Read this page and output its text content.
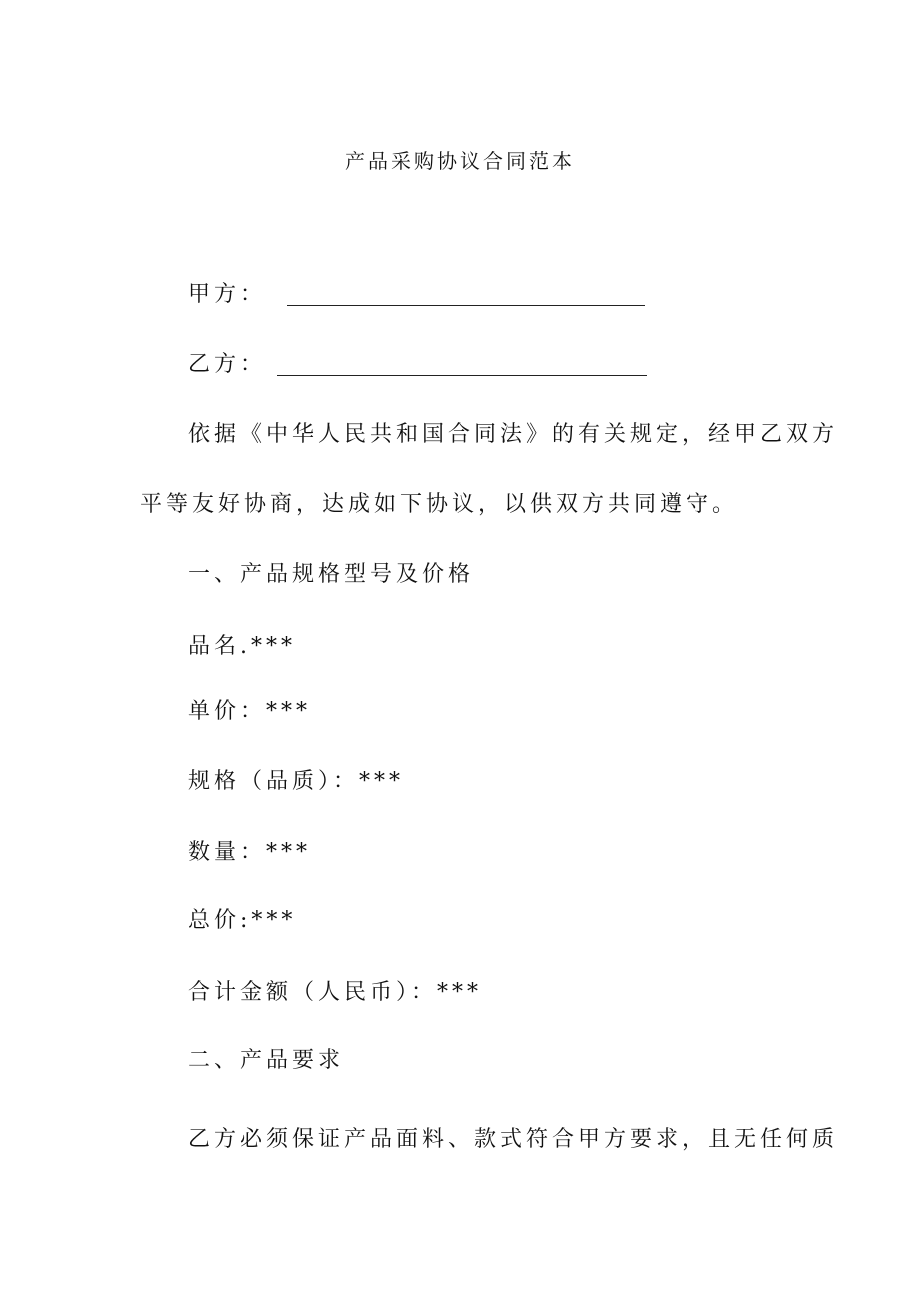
产品采购协议合同范本
甲方：
乙方：
依据《中华人民共和国合同法》的有关规定，经甲乙双方
平等友好协商，达成如下协议，以供双方共同遵守。
一、产品规格型号及价格
品名.***
单价：***
规格（品质）：***
数量：***
总价:***
合计金额（人民币）：***
二、产品要求
乙方必须保证产品面料、款式符合甲方要求，且无任何质
